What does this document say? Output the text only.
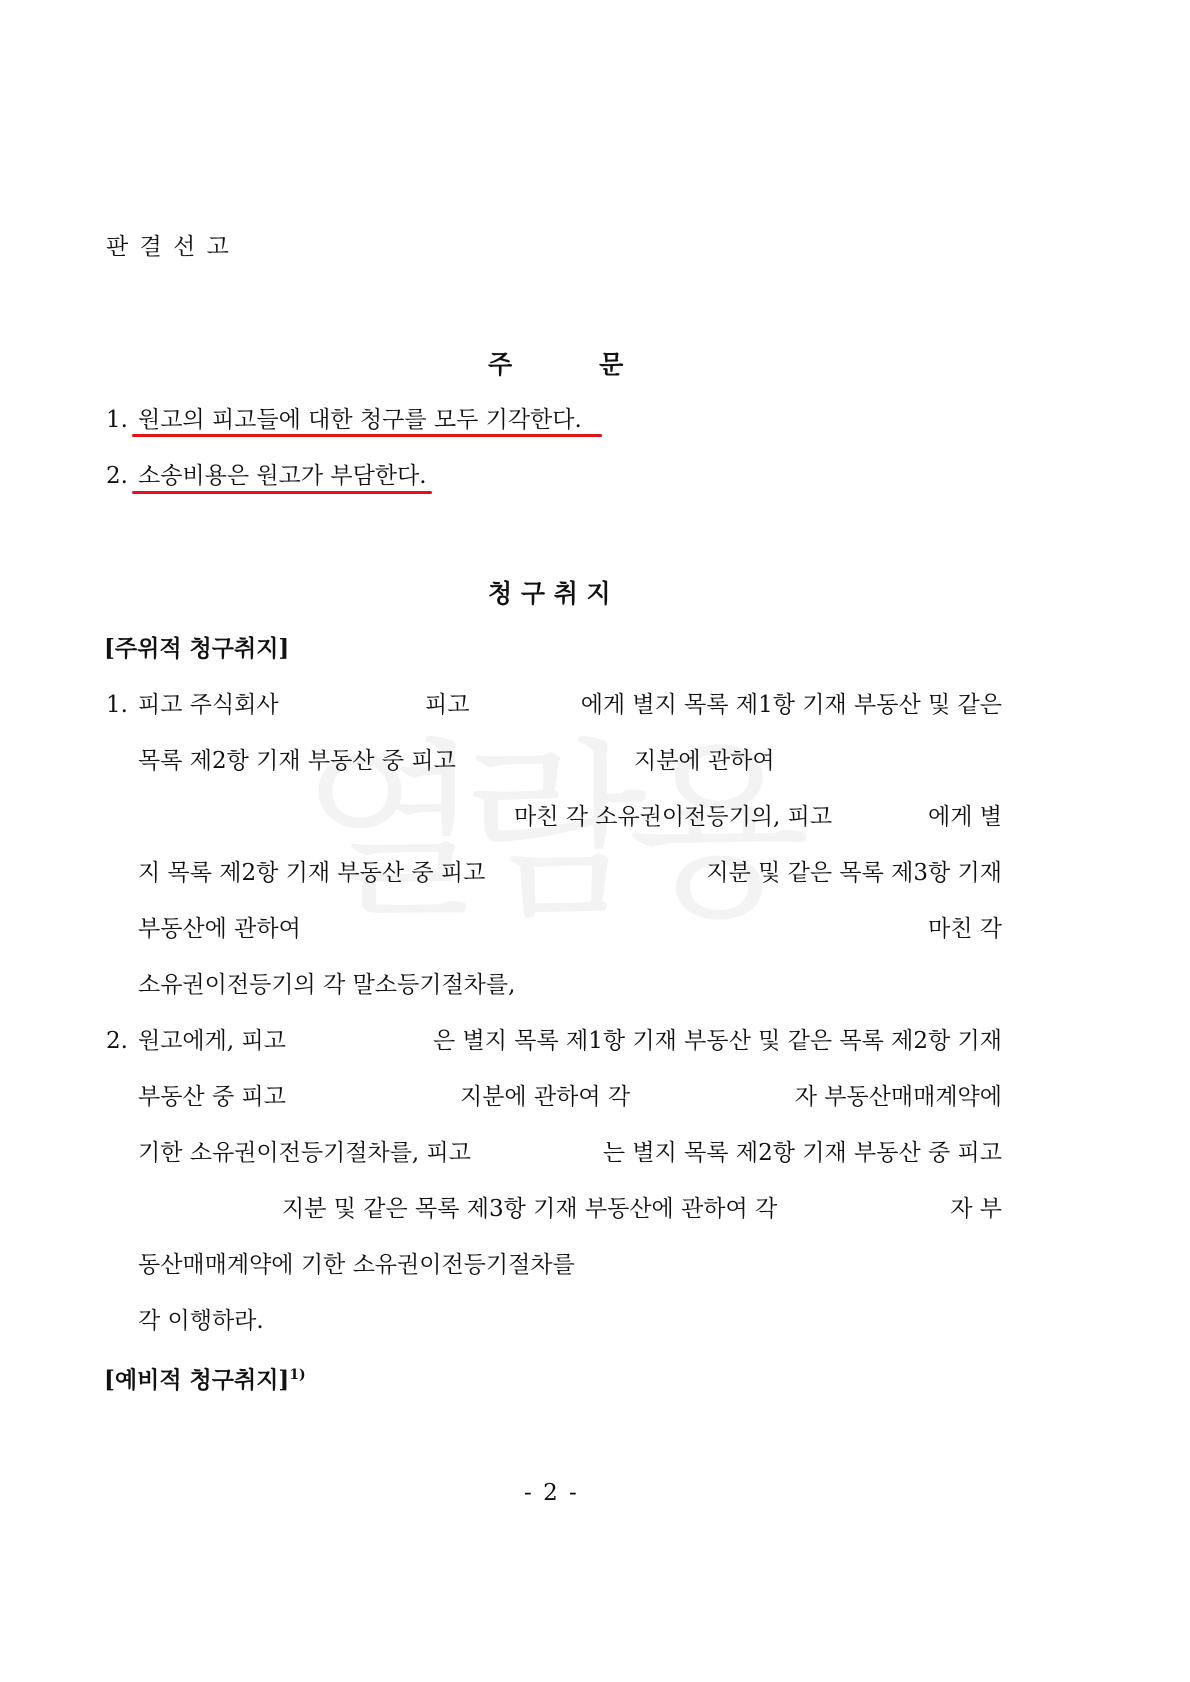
판 결 선 고
주          문
1. 원고의 피고들에 대한 청구를 모두 기각한다.
2. 소송비용은 원고가 부담한다.
청 구 취 지
[주위적 청구취지]
1. 피고 주식회사	피고	에게 별지 목록 제1항 기재 부동산 및 같은
목록 제2항 기재 부동산 중 피고	지분에 관하여
마친 각 소유권이전등기의, 피고	에게 별
지 목록 제2항 기재 부동산 중 피고	지분 및 같은 목록 제3항 기재
부동산에 관하여	마친 각
소유권이전등기의 각 말소등기절차를,
2. 원고에게, 피고	은 별지 목록 제1항 기재 부동산 및 같은 목록 제2항 기재
부동산 중 피고	지분에 관하여 각	자 부동산매매계약에
기한 소유권이전등기절차를, 피고	는 별지 목록 제2항 기재 부동산 중 피고
지분 및 같은 목록 제3항 기재 부동산에 관하여 각	자 부
동산매매계약에 기한 소유권이전등기절차를
각 이행하라.
[예비적 청구취지]$^{1)}$
- 2 -
